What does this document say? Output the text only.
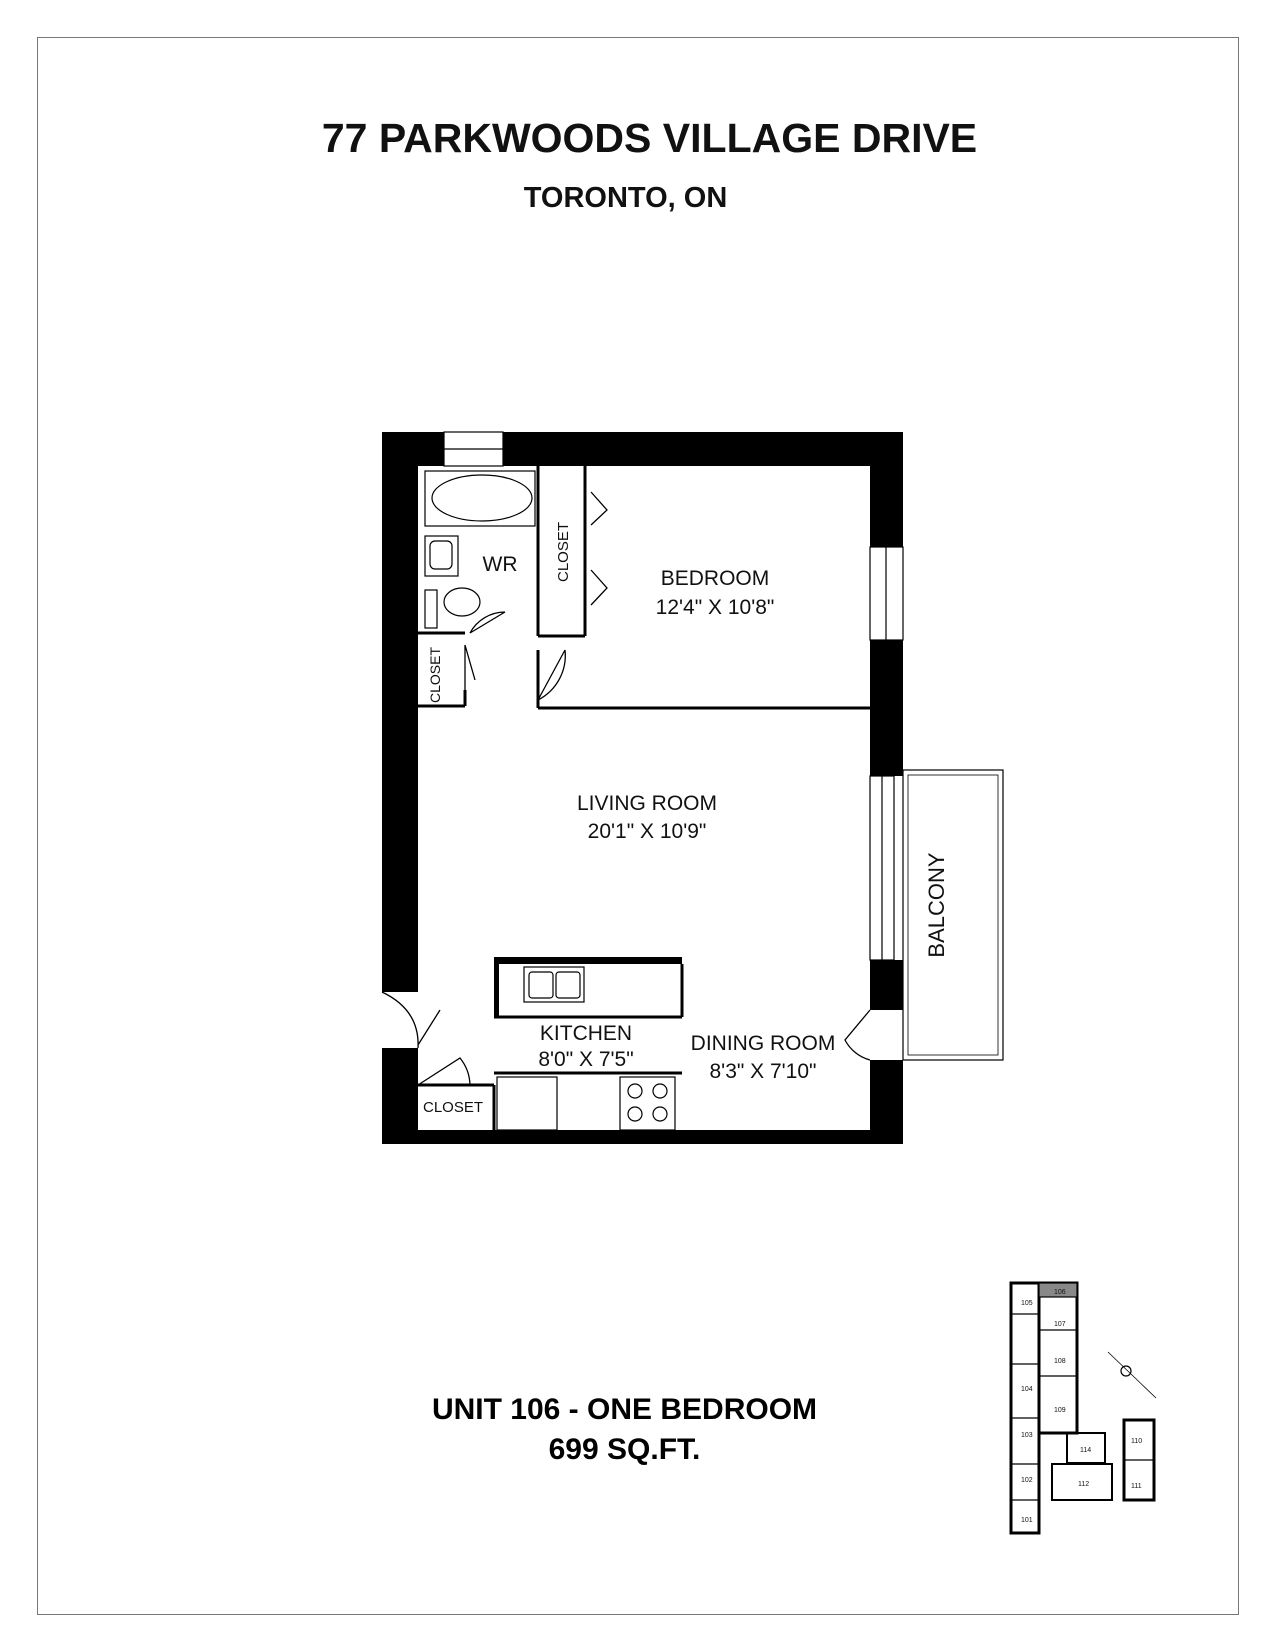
77 PARKWOODS VILLAGE DRIVE
TORONTO, ON
WR	CLOSET
CLOSET
CLOSET
BEDROOM
12'4" X 10'8"
LIVING ROOM
20'1" X 10'9"
KITCHEN
8'0" X 7'5"
DINING ROOM
8'3" X 7'10"
BALCONY
101
102
103
104
105
106
107
108
109
110
111
112
114
UNIT 106 - ONE BEDROOM
699 SQ.FT.
